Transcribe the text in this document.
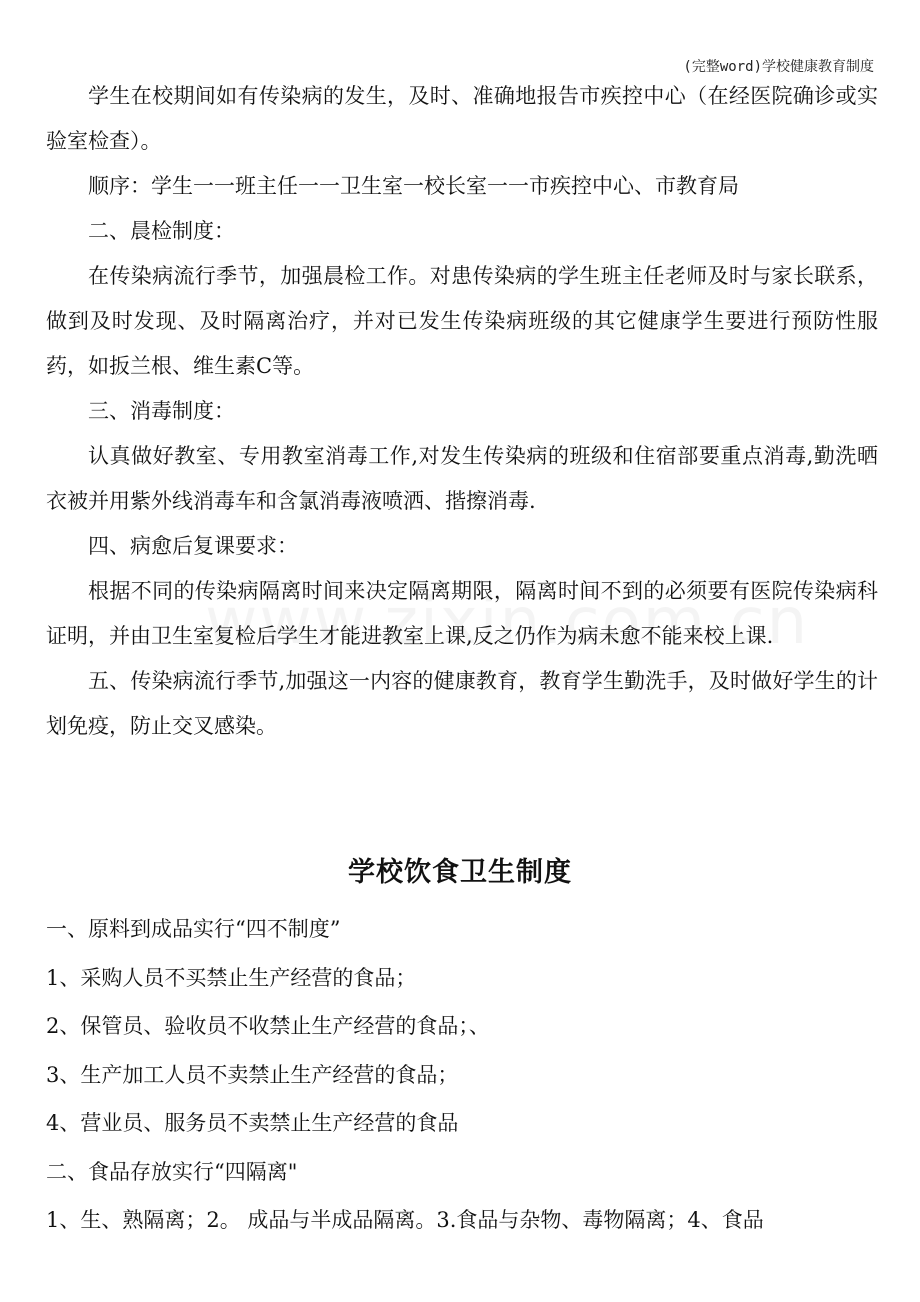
(完整word)学校健康教育制度

学生在校期间如有传染病的发生，及时、准确地报告市疾控中心（在经医院确诊或实验室检查）。

顺序：学生一一班主任一一卫生室一校长室一一市疾控中心、市教育局

二、晨检制度：

在传染病流行季节，加强晨检工作。对患传染病的学生班主任老师及时与家长联系，做到及时发现、及时隔离治疗，并对已发生传染病班级的其它健康学生要进行预防性服药，如扳兰根、维生素C等。

三、消毒制度：

认真做好教室、专用教室消毒工作,对发生传染病的班级和住宿部要重点消毒,勤洗晒衣被并用紫外线消毒车和含氯消毒液喷洒、揩擦消毒.

四、病愈后复课要求：

根据不同的传染病隔离时间来决定隔离期限，隔离时间不到的必须要有医院传染病科证明，并由卫生室复检后学生才能进教室上课,反之仍作为病未愈不能来校上课.

五、传染病流行季节,加强这一内容的健康教育，教育学生勤洗手，及时做好学生的计划免疫，防止交叉感染。

学校饮食卫生制度

一、原料到成品实行“四不制度”

1、采购人员不买禁止生产经营的食品；

2、保管员、验收员不收禁止生产经营的食品；、

3、生产加工人员不卖禁止生产经营的食品；

4、营业员、服务员不卖禁止生产经营的食品

二、食品存放实行“四隔离"

1、生、熟隔离；2。 成品与半成品隔离。3.食品与杂物、毒物隔离；4、食品
